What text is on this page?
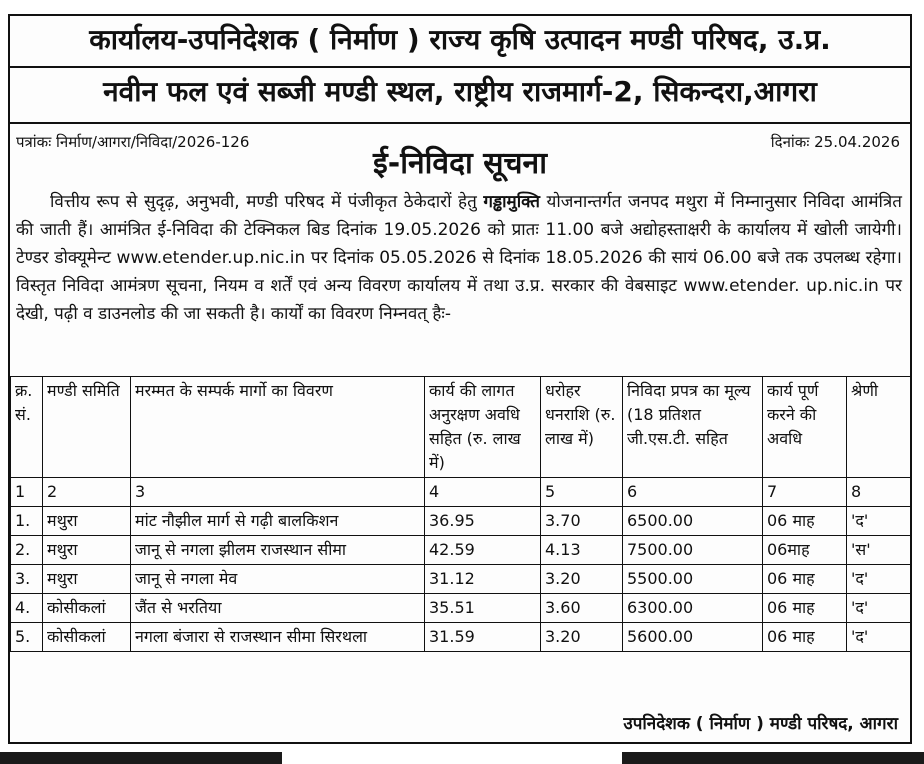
कार्यालय-उपनिदेशक ( निर्माण ) राज्य कृषि उत्पादन मण्डी परिषद, उ.प्र.
नवीन फल एवं सब्जी मण्डी स्थल, राष्ट्रीय राजमार्ग-2, सिकन्दरा,आगरा
पत्रांकः निर्माण/आगरा/निविदा/2026-126	दिनांकः 25.04.2026
ई-निविदा सूचना
वित्तीय रूप से सुदृढ़, अनुभवी, मण्डी परिषद में पंजीकृत ठेकेदारों हेतु गड्ढामुक्ति योजनान्तर्गत जनपद मथुरा में निम्नानुसार निविदा आमंत्रित की जाती हैं। आमंत्रित ई-निविदा की टेक्निकल बिड दिनांक 19.05.2026 को प्रातः 11.00 बजे अद्योहस्ताक्षरी के कार्यालय में खोली जायेगी। टेण्डर डोक्यूमेन्ट www.etender.up.nic.in पर दिनांक 05.05.2026 से दिनांक 18.05.2026 की सायं 06.00 बजे तक उपलब्ध रहेगा। विस्तृत निविदा आमंत्रण सूचना, नियम व शर्तें एवं अन्य विवरण कार्यालय में तथा उ.प्र. सरकार की वेबसाइट www.etender. up.nic.in पर देखी, पढ़ी व डाउनलोड की जा सकती है। कार्यों का विवरण निम्नवत् हैः-
क्र. सं.	मण्डी समिति	मरम्मत के सम्पर्क मार्गो का विवरण	कार्य की लागत अनुरक्षण अवधि सहित (रु. लाख में)	धरोहर धनराशि (रु. लाख में)	निविदा प्रपत्र का मूल्य (18 प्रतिशत जी.एस.टी. सहित	कार्य पूर्ण करने की अवधि	श्रेणी
1	2	3	4	5	6	7	8
1.	मथुरा	मांट नौझील मार्ग से गढ़ी बालकिशन	36.95	3.70	6500.00	06 माह	'द'
2.	मथुरा	जानू से नगला झीलम राजस्थान सीमा	42.59	4.13	7500.00	06माह	'स'
3.	मथुरा	जानू से नगला मेव	31.12	3.20	5500.00	06 माह	'द'
4.	कोसीकलां	जैंत से भरतिया	35.51	3.60	6300.00	06 माह	'द'
5.	कोसीकलां	नगला बंजारा से राजस्थान सीमा सिरथला	31.59	3.20	5600.00	06 माह	'द'
उपनिदेशक ( निर्माण ) मण्डी परिषद, आगरा
